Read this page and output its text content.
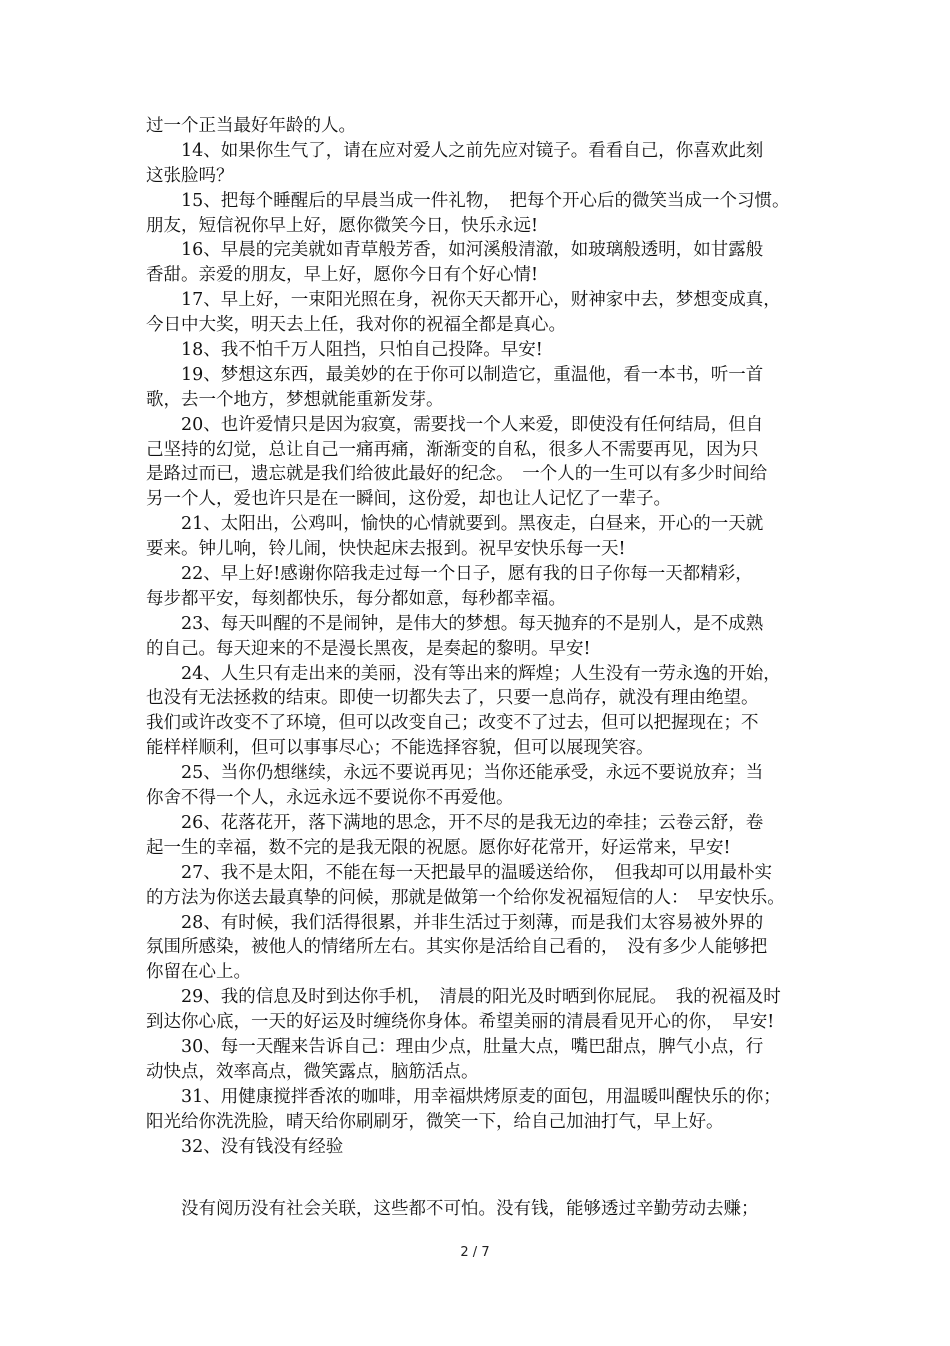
过一个正当最好年龄的人。
14、如果你生气了，请在应对爱人之前先应对镜子。看看自己，你喜欢此刻
这张脸吗？
15、把每个睡醒后的早晨当成一件礼物，　把每个开心后的微笑当成一个习惯。
朋友，短信祝你早上好，愿你微笑今日，快乐永远!
16、早晨的完美就如青草般芳香，如河溪般清澈，如玻璃般透明，如甘露般
香甜。亲爱的朋友，早上好，愿你今日有个好心情!
17、早上好，一束阳光照在身，祝你天天都开心，财神家中去，梦想变成真，
今日中大奖，明天去上任，我对你的祝福全都是真心。
18、我不怕千万人阻挡，只怕自己投降。早安!
19、梦想这东西，最美妙的在于你可以制造它，重温他，看一本书，听一首
歌，去一个地方，梦想就能重新发芽。
20、也许爱情只是因为寂寞，需要找一个人来爱，即使没有任何结局，但自
己坚持的幻觉，总让自己一痛再痛，渐渐变的自私，很多人不需要再见，因为只
是路过而已，遗忘就是我们给彼此最好的纪念。　一个人的一生可以有多少时间给
另一个人，爱也许只是在一瞬间，这份爱，却也让人记忆了一辈子。
21、太阳出，公鸡叫，愉快的心情就要到。黑夜走，白昼来，开心的一天就
要来。钟儿响，铃儿闹，快快起床去报到。祝早安快乐每一天!
22、早上好!感谢你陪我走过每一个日子，愿有我的日子你每一天都精彩，
每步都平安，每刻都快乐，每分都如意，每秒都幸福。
23、每天叫醒的不是闹钟，是伟大的梦想。每天抛弃的不是别人，是不成熟
的自己。每天迎来的不是漫长黑夜，是奏起的黎明。早安!
24、人生只有走出来的美丽，没有等出来的辉煌；人生没有一劳永逸的开始，
也没有无法拯救的结束。即使一切都失去了，只要一息尚存，就没有理由绝望。
我们或许改变不了环境，但可以改变自己；改变不了过去，但可以把握现在；不
能样样顺利，但可以事事尽心；不能选择容貌，但可以展现笑容。
25、当你仍想继续，永远不要说再见；当你还能承受，永远不要说放弃；当
你舍不得一个人，永远永远不要说你不再爱他。
26、花落花开，落下满地的思念，开不尽的是我无边的牵挂；云卷云舒，卷
起一生的幸福，数不完的是我无限的祝愿。愿你好花常开，好运常来，早安!
27、我不是太阳，不能在每一天把最早的温暖送给你，　但我却可以用最朴实
的方法为你送去最真挚的问候，那就是做第一个给你发祝福短信的人：　早安快乐。
28、有时候，我们活得很累，并非生活过于刻薄，而是我们太容易被外界的
氛围所感染，被他人的情绪所左右。其实你是活给自己看的，　没有多少人能够把
你留在心上。
29、我的信息及时到达你手机，　清晨的阳光及时晒到你屁屁。　我的祝福及时
到达你心底，一天的好运及时缠绕你身体。希望美丽的清晨看见开心的你，　早安!
30、每一天醒来告诉自己：理由少点，肚量大点，嘴巴甜点，脾气小点，行
动快点，效率高点，微笑露点，脑筋活点。
31、用健康搅拌香浓的咖啡，用幸福烘烤原麦的面包，用温暖叫醒快乐的你；
阳光给你洗洗脸，晴天给你刷刷牙，微笑一下，给自己加油打气，早上好。
32、没有钱没有经验
没有阅历没有社会关联，这些都不可怕。没有钱，能够透过辛勤劳动去赚；
2 / 7
